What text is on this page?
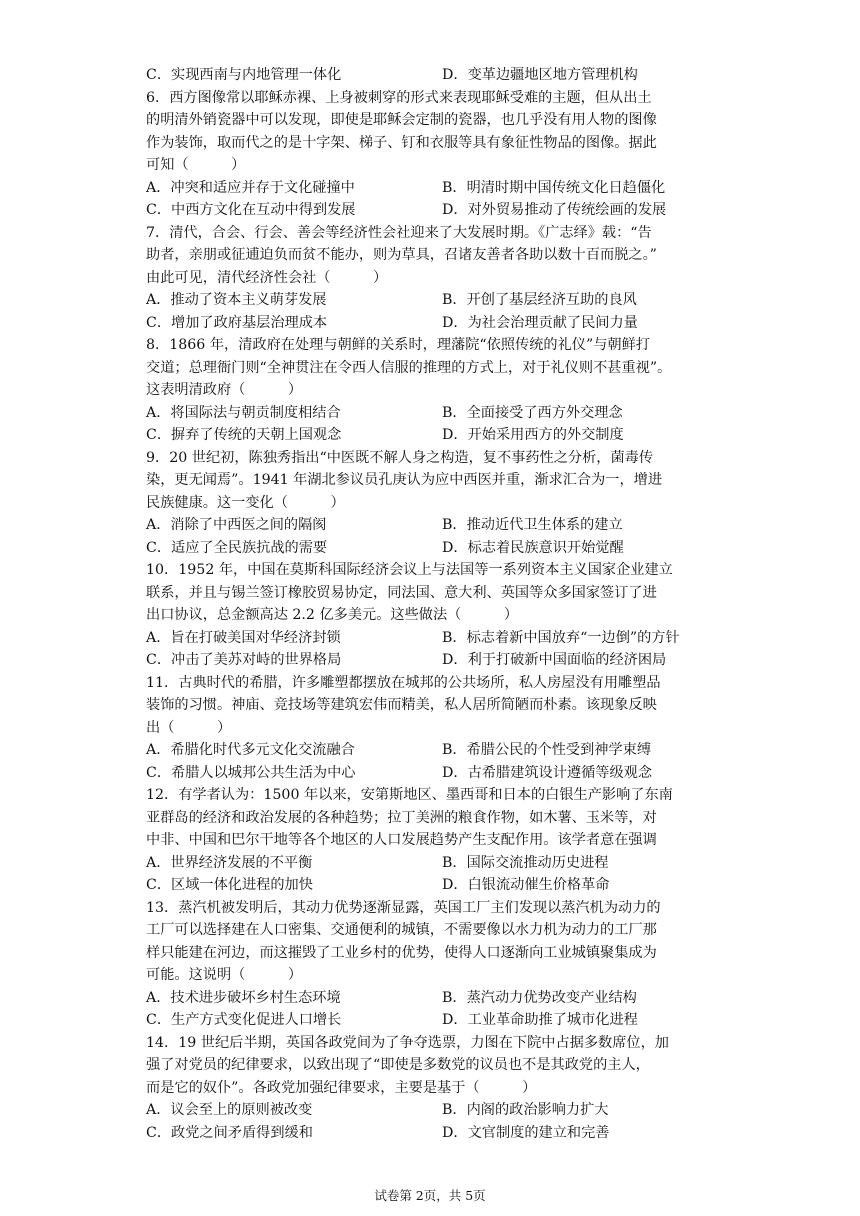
C．实现西南与内地管理一体化	D．变革边疆地区地方管理机构
6．西方图像常以耶稣赤裸、上身被刺穿的形式来表现耶稣受难的主题，但从出土
的明清外销瓷器中可以发现，即使是耶稣会定制的瓷器，也几乎没有用人物的图像
作为装饰，取而代之的是十字架、梯子、钉和衣服等具有象征性物品的图像。据此
可知（　　　）
A．冲突和适应并存于文化碰撞中	B．明清时期中国传统文化日趋僵化
C．中西方文化在互动中得到发展	D．对外贸易推动了传统绘画的发展
7．清代，合会、行会、善会等经济性会社迎来了大发展时期。《广志绎》载：“告
助者，亲朋或征逋迫负而贫不能办，则为草具，召诸友善者各助以数十百而脱之。”
由此可见，清代经济性会社（　　　）
A．推动了资本主义萌芽发展	B．开创了基层经济互助的良风
C．增加了政府基层治理成本	D．为社会治理贡献了民间力量
8．1866 年，清政府在处理与朝鲜的关系时，理藩院“依照传统的礼仪”与朝鲜打
交道；总理衙门则“全神贯注在令西人信服的推理的方式上，对于礼仪则不甚重视”。
这表明清政府（　　　）
A．将国际法与朝贡制度相结合	B．全面接受了西方外交理念
C．摒弃了传统的天朝上国观念	D．开始采用西方的外交制度
9．20 世纪初，陈独秀指出“中医既不解人身之构造，复不事药性之分析，菌毒传
染，更无闻焉”。1941 年湖北参议员孔庚认为应中西医并重，渐求汇合为一，增进
民族健康。这一变化（　　　）
A．消除了中西医之间的隔阂	B．推动近代卫生体系的建立
C．适应了全民族抗战的需要	D．标志着民族意识开始觉醒
10．1952 年，中国在莫斯科国际经济会议上与法国等一系列资本主义国家企业建立
联系，并且与锡兰签订橡胶贸易协定，同法国、意大利、英国等众多国家签订了进
出口协议，总金额高达 2.2 亿多美元。这些做法（　　　）
A．旨在打破美国对华经济封锁	B．标志着新中国放弃“一边倒”的方针
C．冲击了美苏对峙的世界格局	D．利于打破新中国面临的经济困局
11．古典时代的希腊，许多雕塑都摆放在城邦的公共场所，私人房屋没有用雕塑品
装饰的习惯。神庙、竞技场等建筑宏伟而精美，私人居所简陋而朴素。该现象反映
出（　　　）
A．希腊化时代多元文化交流融合	B．希腊公民的个性受到神学束缚
C．希腊人以城邦公共生活为中心	D．古希腊建筑设计遵循等级观念
12．有学者认为：1500 年以来，安第斯地区、墨西哥和日本的白银生产影响了东南
亚群岛的经济和政治发展的各种趋势；拉丁美洲的粮食作物，如木薯、玉米等，对
中非、中国和巴尔干地等各个地区的人口发展趋势产生支配作用。该学者意在强调
A．世界经济发展的不平衡	B．国际交流推动历史进程
C．区域一体化进程的加快	D．白银流动催生价格革命
13．蒸汽机被发明后，其动力优势逐渐显露，英国工厂主们发现以蒸汽机为动力的
工厂可以选择建在人口密集、交通便利的城镇，不需要像以水力机为动力的工厂那
样只能建在河边，而这摧毁了工业乡村的优势，使得人口逐渐向工业城镇聚集成为
可能。这说明（　　　）
A．技术进步破坏乡村生态环境	B．蒸汽动力优势改变产业结构
C．生产方式变化促进人口增长	D．工业革命助推了城市化进程
14．19 世纪后半期，英国各政党间为了争夺选票，力图在下院中占据多数席位，加
强了对党员的纪律要求，以致出现了“即使是多数党的议员也不是其政党的主人，
而是它的奴仆”。各政党加强纪律要求，主要是基于（　　　）
A．议会至上的原则被改变	B．内阁的政治影响力扩大
C．政党之间矛盾得到缓和	D．文官制度的建立和完善
试卷第 2页，共 5页
